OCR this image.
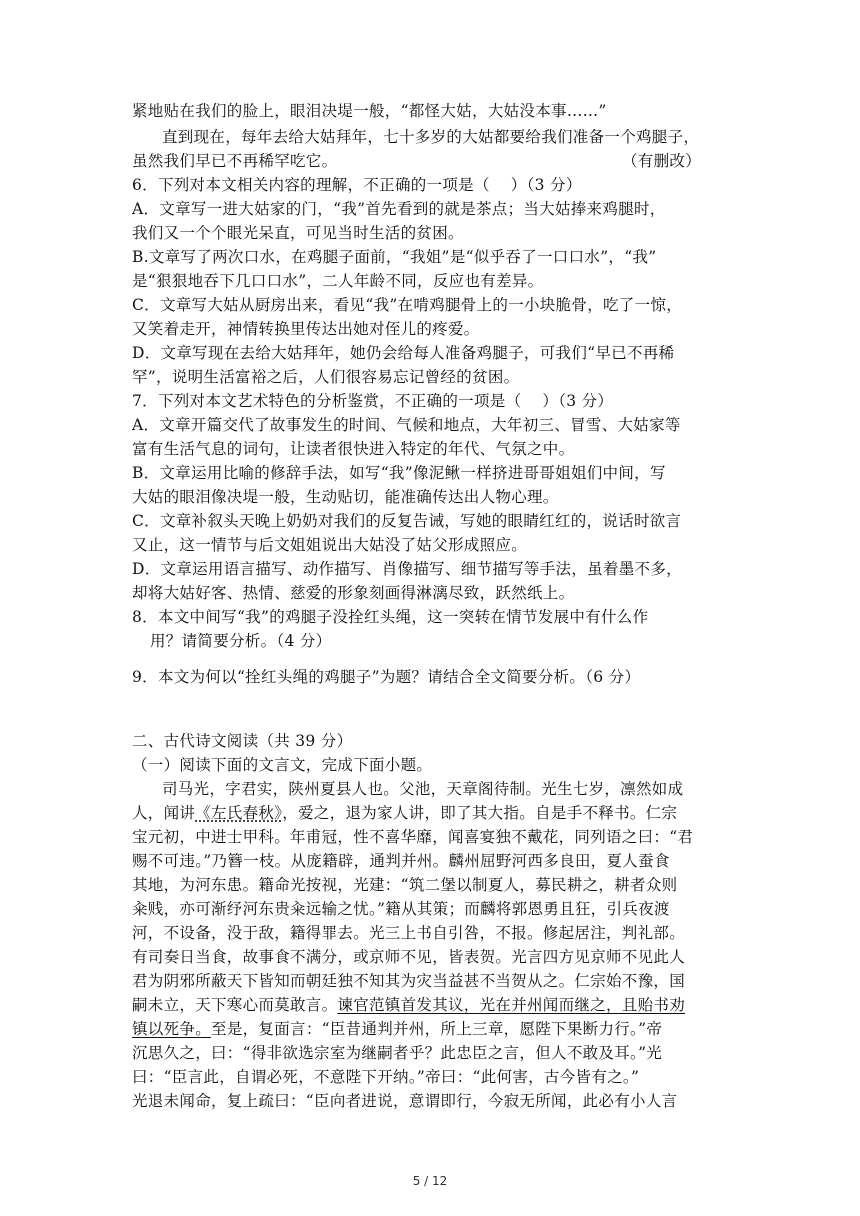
紧地贴在我们的脸上，眼泪决堤一般，“都怪大姑，大姑没本事……”
直到现在，每年去给大姑拜年，七十多岁的大姑都要给我们准备一个鸡腿子，
虽然我们早已不再稀罕吃它。	（有删改）
6．下列对本文相关内容的理解，不正确的一项是（　 ）（3 分）
A．文章写一进大姑家的门，“我”首先看到的就是茶点；当大姑捧来鸡腿时，
我们又一个个眼光呆直，可见当时生活的贫困。
B.文章写了两次口水，在鸡腿子面前，“我姐”是“似乎吞了一口口水”，“我”
是“狠狠地吞下几口口水”，二人年龄不同，反应也有差异。
C．文章写大姑从厨房出来，看见“我”在啃鸡腿骨上的一小块脆骨，吃了一惊，
又笑着走开，神情转换里传达出她对侄儿的疼爱。
D．文章写现在去给大姑拜年，她仍会给每人准备鸡腿子，可我们“早已不再稀
罕”，说明生活富裕之后，人们很容易忘记曾经的贫困。
7．下列对本文艺术特色的分析鉴赏，不正确的一项是（　 ）（3 分）
A．文章开篇交代了故事发生的时间、气候和地点，大年初三、冒雪、大姑家等
富有生活气息的词句，让读者很快进入特定的年代、气氛之中。
B．文章运用比喻的修辞手法，如写“我”像泥鳅一样挤进哥哥姐姐们中间，写
大姑的眼泪像决堤一般，生动贴切，能准确传达出人物心理。
C．文章补叙头天晚上奶奶对我们的反复告诫，写她的眼睛红红的，说话时欲言
又止，这一情节与后文姐姐说出大姑没了姑父形成照应。
D．文章运用语言描写、动作描写、肖像描写、细节描写等手法，虽着墨不多，
却将大姑好客、热情、慈爱的形象刻画得淋漓尽致，跃然纸上。
8．本文中间写“我”的鸡腿子没拴红头绳，这一突转在情节发展中有什么作
用？请简要分析。（4 分）
9．本文为何以“拴红头绳的鸡腿子”为题？请结合全文简要分析。（6 分）
二、古代诗文阅读（共 39 分）
（一）阅读下面的文言文，完成下面小题。
司马光，字君实，陕州夏县人也。父池，天章阁待制。光生七岁，凛然如成
人，闻讲《左氏春秋》，爱之，退为家人讲，即了其大指。自是手不释书。仁宗
宝元初，中进士甲科。年甫冠，性不喜华靡，闻喜宴独不戴花，同列语之曰：“君
赐不可违。”乃簪一枝。从庞籍辟，通判并州。麟州屈野河西多良田，夏人蚕食
其地，为河东患。籍命光按视，光建：“筑二堡以制夏人，募民耕之，耕者众则
籴贱，亦可渐纾河东贵籴远输之忧。”籍从其策；而麟将郭恩勇且狂，引兵夜渡
河，不设备，没于敌，籍得罪去。光三上书自引咎，不报。修起居注，判礼部。
有司奏日当食，故事食不满分，或京师不见，皆表贺。光言四方见京师不见此人
君为阴邪所蔽天下皆知而朝廷独不知其为灾当益甚不当贺从之。仁宗始不豫，国
嗣未立，天下寒心而莫敢言。谏官范镇首发其议，光在并州闻而继之，且贻书劝
镇以死争。至是，复面言：“臣昔通判并州，所上三章，愿陛下果断力行。”帝
沉思久之，曰：“得非欲选宗室为继嗣者乎？此忠臣之言，但人不敢及耳。”光
曰：“臣言此，自谓必死，不意陛下开纳。”帝曰：“此何害，古今皆有之。”
光退未闻命，复上疏曰：“臣向者进说，意谓即行，今寂无所闻，此必有小人言
5 / 12
